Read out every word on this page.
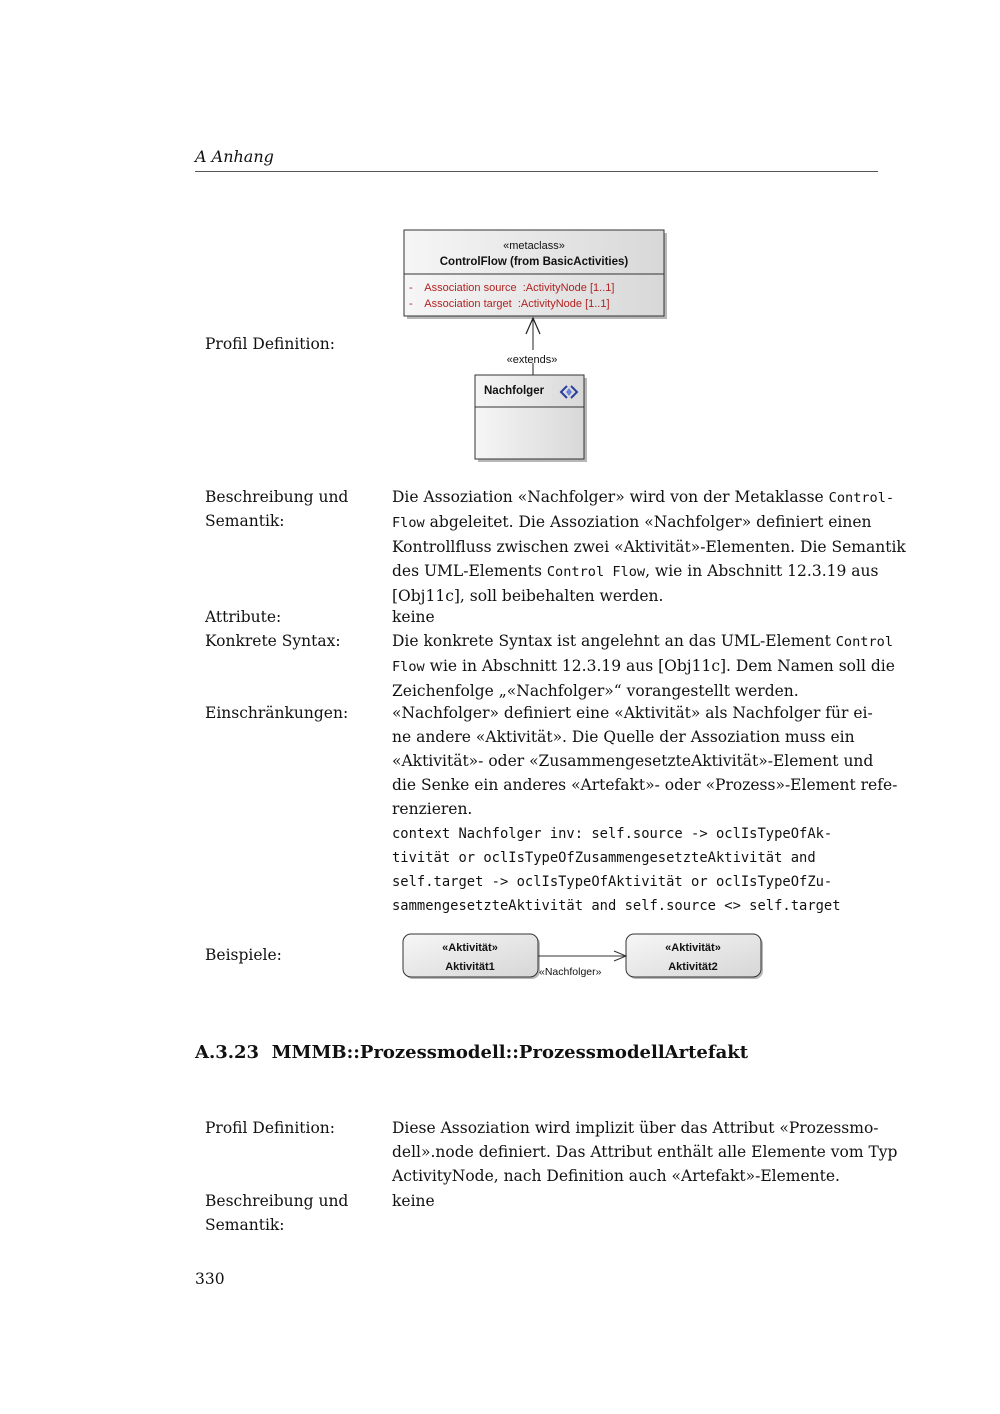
A Anhang
Profil Definition:
«metaclass»
ControlFlow (from BasicActivities)
-    Association source  :ActivityNode [1..1]
-    Association target  :ActivityNode [1..1]
«extends»
Nachfolger
Beschreibung und
Semantik:
Die Assoziation «Nachfolger» wird von der Metaklasse Control-
Flow abgeleitet. Die Assoziation «Nachfolger» definiert einen
Kontrollfluss zwischen zwei «Aktivität»-Elementen. Die Semantik
des UML-Elements Control Flow, wie in Abschnitt 12.3.19 aus
[Obj11c], soll beibehalten werden.
Attribute:	keine
Konkrete Syntax:	Die konkrete Syntax ist angelehnt an das UML-Element Control
Flow wie in Abschnitt 12.3.19 aus [Obj11c]. Dem Namen soll die
Zeichenfolge „«Nachfolger»“ vorangestellt werden.
Einschränkungen:	«Nachfolger» definiert eine «Aktivität» als Nachfolger für ei-
ne andere «Aktivität». Die Quelle der Assoziation muss ein
«Aktivität»- oder «ZusammengesetzteAktivität»-Element und
die Senke ein anderes «Artefakt»- oder «Prozess»-Element refe-
renzieren.
context Nachfolger inv: self.source -> oclIsTypeOfAk-
tivität or oclIsTypeOfZusammengesetzteAktivität and
self.target -> oclIsTypeOfAktivität or oclIsTypeOfZu-
sammengesetzteAktivität and self.source <> self.target
Beispiele:	«Aktivität»
Aktivität1
«Aktivität»
Aktivität2
«Nachfolger»
A.3.23 MMMB::Prozessmodell::ProzessmodellArtefakt
Profil Definition:	Diese Assoziation wird implizit über das Attribut «Prozessmo-
dell».node definiert. Das Attribut enthält alle Elemente vom Typ
ActivityNode, nach Definition auch «Artefakt»-Elemente.
Beschreibung und
Semantik:
keine
330
